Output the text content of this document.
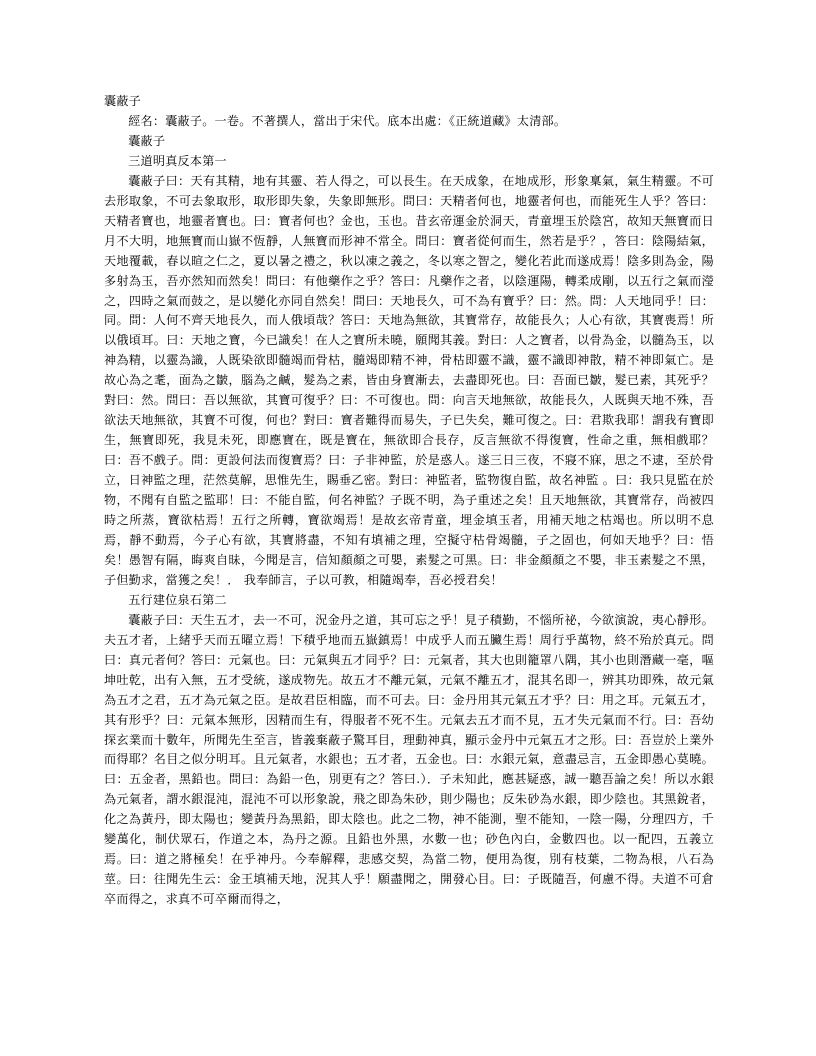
囊蔽子

經名：囊蔽子。一卷。不著撰人，當出于宋代。底本出處：《正統道藏》太清部。

囊蔽子

三道明真反本第一

囊蔽子曰：天有其精，地有其靈、若人得之，可以長生。在天成象，在地成形，形象稟氣，氣生精靈。不可去形取象，不可去象取形，取形即失象，失象即無形。問曰：天精者何也，地靈者何也，而能死生人乎？答曰：天精者寶也，地靈者寶也。曰：寶者何也？金也，玉也。昔玄帝運金於洞天，青童埋玉於陰宮，故知天無寶而日月不大明，地無寶而山嶽不恆靜，人無寶而形神不常全。問曰：寶者從何而生，然若是乎？，答曰：陰陽結氣，天地覆載，春以暄之仁之，夏以暑之禮之，秋以凍之義之，冬以寒之智之，變化若此而遂成焉！陰多則為金，陽多射為玉，吾亦然知而然矣！問曰：有他藥作之乎？答曰：凡藥作之者，以陰運陽，轉柔成剛，以五行之氣而瀅之，四時之氣而鼓之，是以變化亦同自然矣！問曰：天地長久，可不為有寶乎？曰：然。問：人天地同乎！曰：同。問：人何不齊天地長久，而人俄頃哉？答曰：天地為無欲，其寶常存，故能長久；人心有欲，其寶喪焉！所以俄頃耳。曰：天地之寶，今已識矣！在人之寶所未曉，願聞其義。對曰：人之寶者，以骨為金，以髓為玉，以神為精，以靈為識，人既染欲即髓竭而骨枯，髓竭即精不神，骨枯即靈不識，靈不識即神散，精不神即氣亡。是故心為之耄，面為之皺，腦為之鹹，髮為之素，皆由身寶漸去，去盡即死也。曰：吾面已皺，髮已素，其死乎？對曰：然。問曰：吾以無欲，其寶可復乎？曰：不可復也。問：向言天地無欲，故能長久，人既與天地不殊，吾欲法天地無欲，其寶不可復，何也？對曰：寶者難得而易失，子已失矣，難可復之。曰：君欺我耶！謂我有寶即生，無寶即死，我見未死，即應寶在，既是寶在，無欲即合長存，反言無欲不得復寶，性命之重，無相戲耶？曰：吾不戲子。問：更設何法而復寶焉？曰：子非神監，於是惑人。遂三日三夜，不寢不寐，思之不逮，至於骨立，日神監之理，茫然莫解，思惟先生，賜垂乙密。對曰：神監者，監物復自監，故名神監 。曰：我只見監在於物，不聞有自監之監耶！曰：不能自監，何名神監？子既不明，為子重述之矣！且天地無欲，其寶常存，尚被四時之所蒸，寶欲枯焉！五行之所轉，寶欲竭焉！是故玄帝青童，埋金填玉者，用補天地之枯竭也。所以明不息焉，靜不動焉，今子心有欲，其寶將盡，不知有填補之理，空擬守枯骨竭髓，子之固也，何如天地乎？曰：悟矣！愚智有隔，晦爽自昧，今聞是言，信知顏顏之可嬰，素髮之可黑。曰：非金顏顏之不嬰，非玉素髮之不黑，子但勤求，當獲之矣！． 我奉師言，子以可教，相隨竭奉，吾必授君矣！

五行建位泉石第二

囊蔽子曰：天生五才，去一不可，況金丹之道，其可忘之乎！見子積勤，不惱所祕，今欲演說，夷心靜形。夫五才者，上緒乎天而五曜立焉！下積乎地而五嶽鎮焉！中成乎人而五臟生焉！周行乎萬物，終不殆於真元。問曰：真元者何？答曰：元氣也。曰：元氣與五才同乎？曰：元氣者，其大也則籠罩八隅，其小也則潛藏一毫，嘔坤吐乾，出有入無，五才受統，遂成物先。故五才不離元氣，元氣不離五才，混其名即一，辨其功即殊，故元氣為五才之君，五才為元氣之臣。是故君臣相臨，而不可去。曰：金丹用其元氣五才乎？曰：用之耳。元氣五才，其有形乎？曰：元氣本無形，因精而生有，得服者不死不生。元氣去五才而不見，五才失元氣而不行。曰：吾幼探玄業而十數年，所聞先生至言，皆義棄蔽子驚耳目，理動神真，顯示金丹中元氣五才之形。曰：吾豈於上業外而得耶？名目之似分明耳。且元氣者，水銀也；五才者，五金也。曰：水銀元氣，意盡忌言，五金即愚心莫曉。曰：五金者，黑鉛也。問曰：為鉛一色，別更有之？答曰.）．子未知此，應甚疑惑，誠一聽吾論之矣！所以水銀為元氣者，謂水銀混沌，混沌不可以形象說，飛之即為朱砂，則少陽也；反朱砂為水銀，即少陰也。其黑銳者，化之為黃丹，即太陽也；變黃丹為黑鉛，即太陰也。此之二物，神不能測，聖不能知，一陰一陽，分理四方，千變萬化，制伏眾石，作道之本，為丹之源。且鉛也外黑，水數一也；砂色內白，金數四也。以一配四，五義立焉。曰：道之將極矣！在乎神丹。今奉解釋，悲感交契，為當二物，便用為復，別有枝葉，二物為根，八石為莖。曰：往聞先生云：金王填補天地，況其人乎！願盡聞之，開發心目。曰：子既隨吾，何慮不得。夫道不可倉卒而得之，求真不可卒爾而得之，
